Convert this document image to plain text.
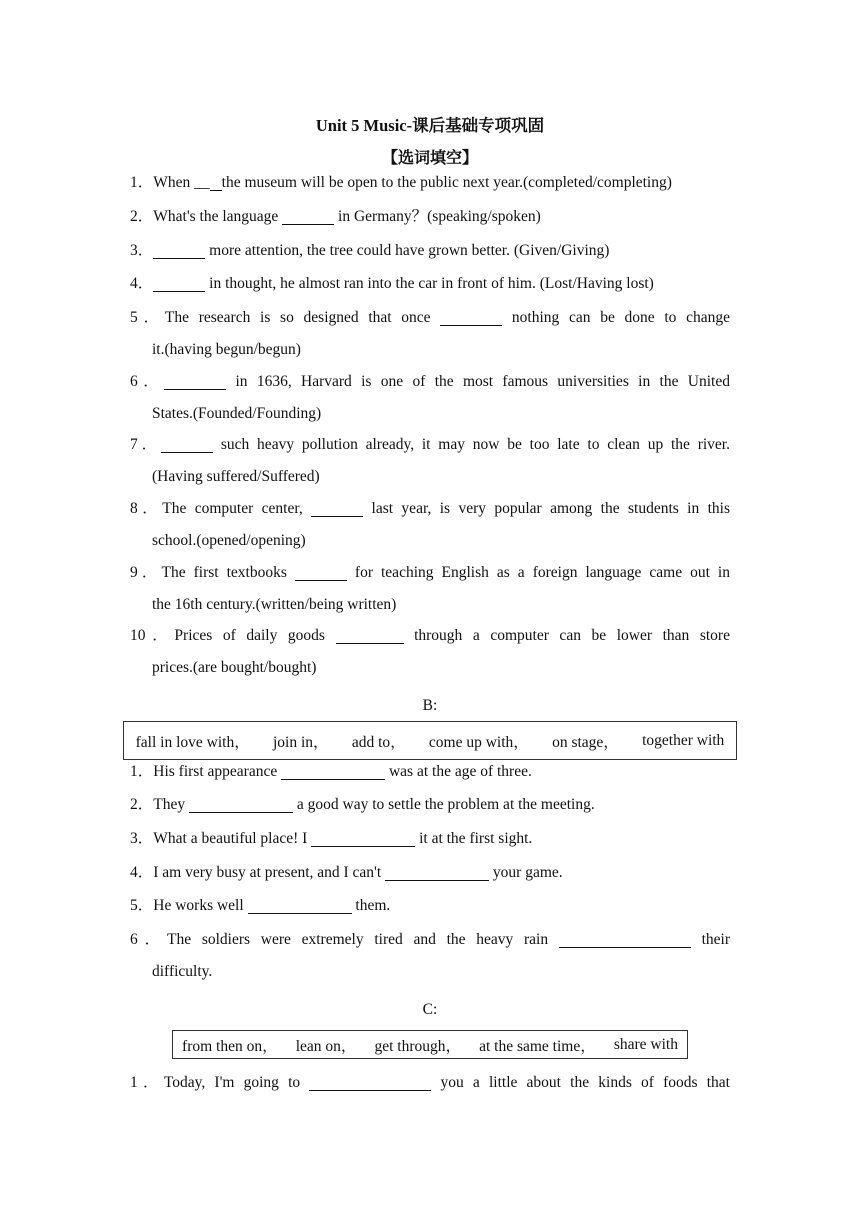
Unit 5 Music-课后基础专项巩固
【选词填空】
1．When __ the museum will be open to the public next year.(completed/completing)
2．What's the language	in Germany？(speaking/spoken)
3．	more attention, the tree could have grown better. (Given/Giving)
4．	in thought, he almost ran into the car in front of him. (Lost/Having lost)
5．The research is so designed that once	nothing can be done to change
it.(having begun/begun)
6．	in 1636, Harvard is one of the most famous universities in the United
States.(Founded/Founding)
7．	such heavy pollution already, it may now be too late to clean up the river.
(Having suffered/Suffered)
8．The computer center,	last year, is very popular among the students in this
school.(opened/opening)
9．The first textbooks	for teaching English as a foreign language came out in
the 16th century.(written/being written)
10．Prices of daily goods	through a computer can be lower than store
prices.(are bought/bought)
B:
fall in love with， join in， add to， come up with， on stage， together with
1．His first appearance	was at the age of three.
2．They	a good way to settle the problem at the meeting.
3．What a beautiful place! I	it at the first sight.
4．I am very busy at present, and I can't	your game.
5．He works well	them.
6．The soldiers were extremely tired and the heavy rain	their
difficulty.
C:
from then on， lean on， get through， at the same time， share with
1．Today, I'm going to	you a little about the kinds of foods that
